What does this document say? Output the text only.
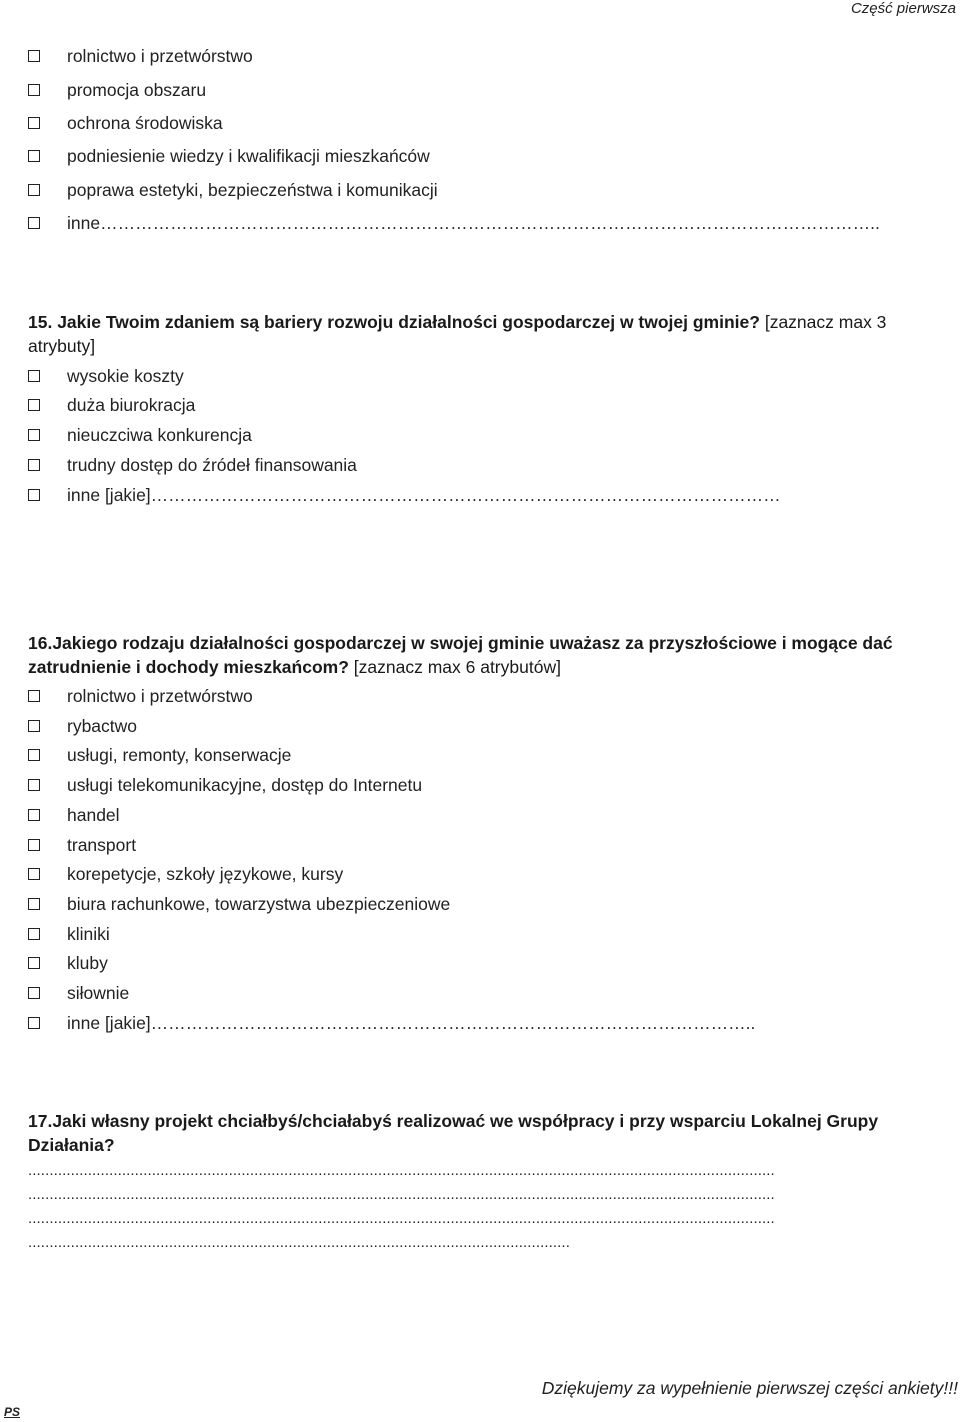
Część pierwsza
rolnictwo i przetwórstwo
promocja obszaru
ochrona środowiska
podniesienie wiedzy i kwalifikacji mieszkańców
poprawa estetyki, bezpieczeństwa i komunikacji
inne……………………………………………………………………………………………………………………..
15. Jakie Twoim zdaniem są bariery rozwoju działalności gospodarczej w twojej gminie? [zaznacz max 3 atrybuty]
wysokie koszty
duża biurokracja
nieuczciwa konkurencja
trudny dostęp do źródeł finansowania
inne [jakie]………………………………………………………………………………………………
16.Jakiego rodzaju działalności gospodarczej w swojej gminie uważasz za przyszłościowe i mogące dać zatrudnienie i dochody mieszkańcom? [zaznacz max 6 atrybutów]
rolnictwo i przetwórstwo
rybactwo
usługi, remonty, konserwacje
usługi telekomunikacyjne, dostęp do Internetu
handel
transport
korepetycje, szkoły językowe, kursy
biura rachunkowe, towarzystwa ubezpieczeniowe
kliniki
kluby
siłownie
inne [jakie]…………………………………………………………………………………………..
17.Jaki własny projekt chciałbyś/chciałabyś realizować we współpracy i przy wsparciu Lokalnej Grupy Działania?
...............................................................................................................................................................................
...............................................................................................................................................................................
...............................................................................................................................................................................
...............................................................................................................................
Dziękujemy za wypełnienie pierwszej części ankiety!!!
PS
